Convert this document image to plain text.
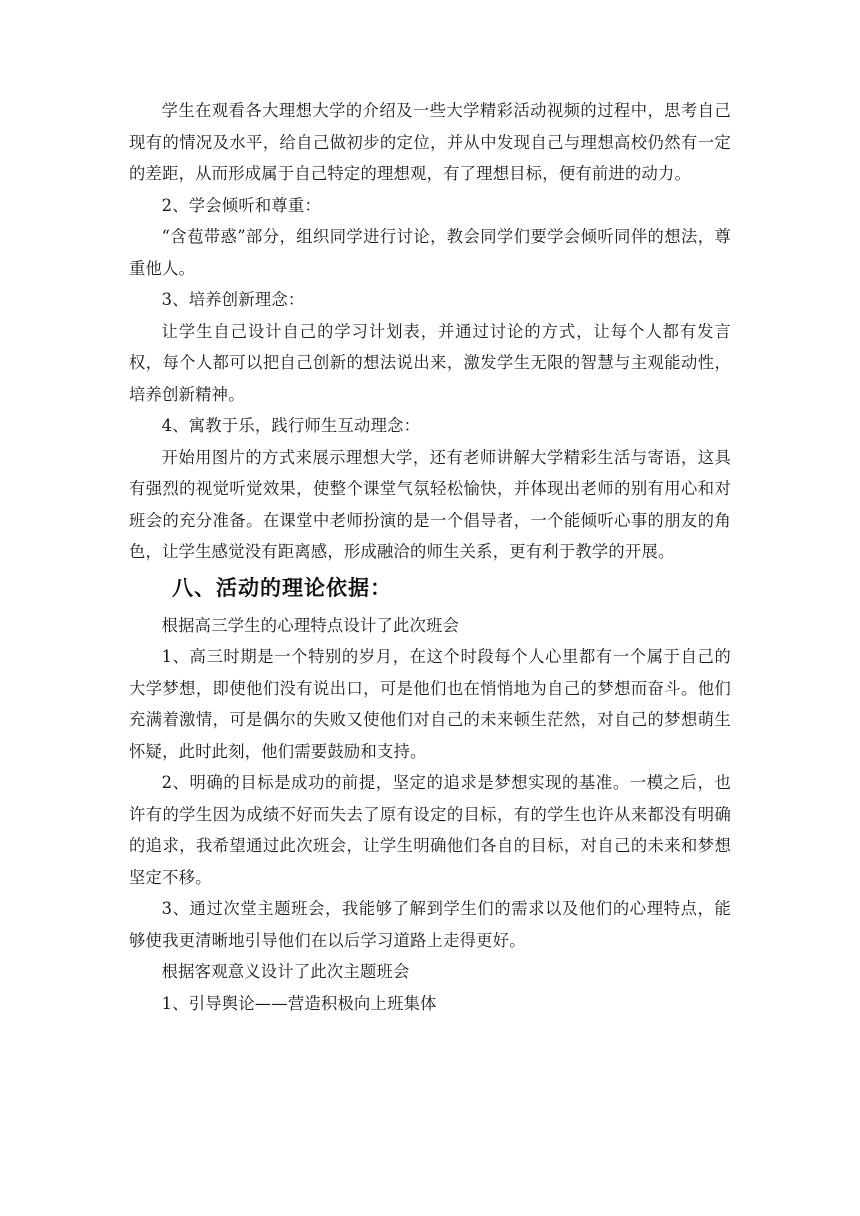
学生在观看各大理想大学的介绍及一些大学精彩活动视频的过程中，思考自己现有的情况及水平，给自己做初步的定位，并从中发现自己与理想高校仍然有一定的差距，从而形成属于自己特定的理想观，有了理想目标，便有前进的动力。

2、学会倾听和尊重：

“含苞带惑”部分，组织同学进行讨论，教会同学们要学会倾听同伴的想法，尊重他人。

3、培养创新理念：

让学生自己设计自己的学习计划表，并通过讨论的方式，让每个人都有发言权，每个人都可以把自己创新的想法说出来，激发学生无限的智慧与主观能动性，培养创新精神。

4、寓教于乐，践行师生互动理念：

开始用图片的方式来展示理想大学，还有老师讲解大学精彩生活与寄语，这具有强烈的视觉听觉效果，使整个课堂气氛轻松愉快，并体现出老师的别有用心和对班会的充分准备。在课堂中老师扮演的是一个倡导者，一个能倾听心事的朋友的角色，让学生感觉没有距离感，形成融洽的师生关系，更有利于教学的开展。

八、活动的理论依据：

根据高三学生的心理特点设计了此次班会

1、高三时期是一个特别的岁月，在这个时段每个人心里都有一个属于自己的大学梦想，即使他们没有说出口，可是他们也在悄悄地为自己的梦想而奋斗。他们充满着激情，可是偶尔的失败又使他们对自己的未来顿生茫然，对自己的梦想萌生怀疑，此时此刻，他们需要鼓励和支持。

2、明确的目标是成功的前提，坚定的追求是梦想实现的基准。一模之后，也许有的学生因为成绩不好而失去了原有设定的目标，有的学生也许从来都没有明确的追求，我希望通过此次班会，让学生明确他们各自的目标，对自己的未来和梦想坚定不移。

3、通过次堂主题班会，我能够了解到学生们的需求以及他们的心理特点，能够使我更清晰地引导他们在以后学习道路上走得更好。

根据客观意义设计了此次主题班会

1、引导舆论——营造积极向上班集体
